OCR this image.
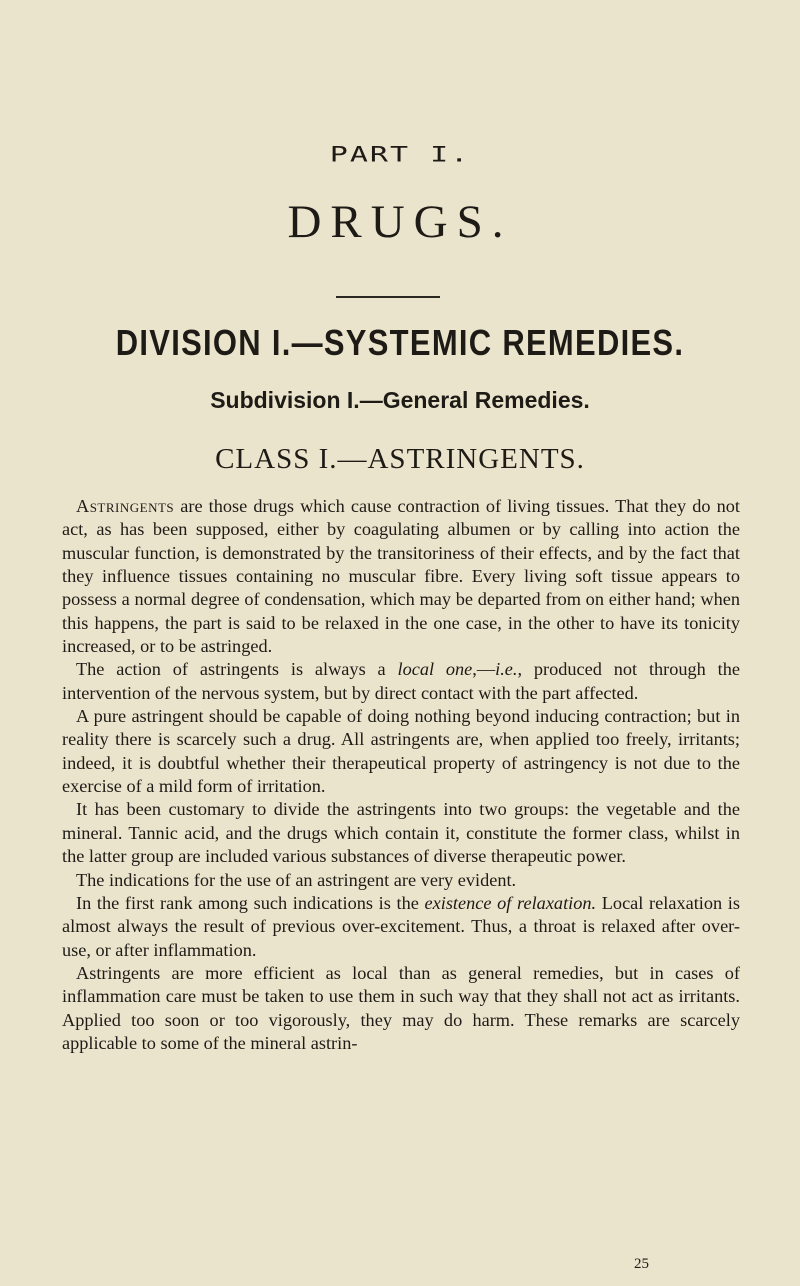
PART I.
DRUGS.
DIVISION I.—SYSTEMIC REMEDIES.
Subdivision I.—General Remedies.
CLASS I.—ASTRINGENTS.

Astringents are those drugs which cause contraction of living tissues. That they do not act, as has been supposed, either by coagulating albumen or by calling into action the muscular function, is demonstrated by the transitoriness of their effects, and by the fact that they influence tissues containing no muscular fibre. Every living soft tissue appears to possess a normal degree of condensation, which may be departed from on either hand; when this happens, the part is said to be relaxed in the one case, in the other to have its tonicity increased, or to be astringed.

The action of astringents is always a local one,—i.e., produced not through the intervention of the nervous system, but by direct contact with the part affected.

A pure astringent should be capable of doing nothing beyond inducing contraction; but in reality there is scarcely such a drug. All astringents are, when applied too freely, irritants; indeed, it is doubtful whether their therapeutical property of astringency is not due to the exercise of a mild form of irritation.

It has been customary to divide the astringents into two groups: the vegetable and the mineral. Tannic acid, and the drugs which contain it, constitute the former class, whilst in the latter group are included various substances of diverse therapeutic power.

The indications for the use of an astringent are very evident.

In the first rank among such indications is the existence of relaxation. Local relaxation is almost always the result of previous over-excitement. Thus, a throat is relaxed after over-use, or after inflammation.

Astringents are more efficient as local than as general remedies, but in cases of inflammation care must be taken to use them in such way that they shall not act as irritants. Applied too soon or too vigorously, they may do harm. These remarks are scarcely applicable to some of the mineral astrin-

25
